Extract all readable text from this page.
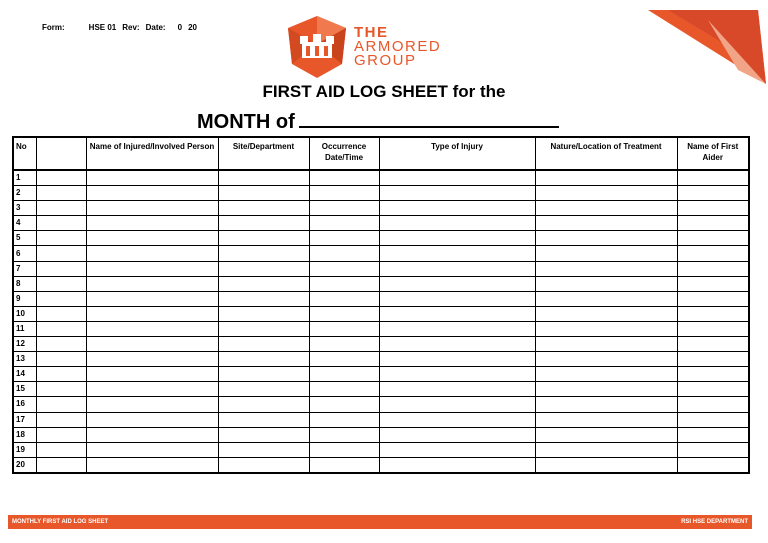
Form:	HSE 01 Rev: Date: 0 20	THE
ARMORED
GROUP
FIRST AID LOG SHEET for the
MONTH of
No		Name of Injured/Involved Person	Site/Department	Occurrence Date/Time	Type of Injury	Nature/Location of Treatment	Name of First Aider
1							
2							
3							
4							
5							
6							
7							
8							
9							
10							
11							
12							
13							
14							
15							
16							
17							
18							
19							
20							
MONTHLY FIRST AID LOG SHEET	RSI HSE DEPARTMENT
